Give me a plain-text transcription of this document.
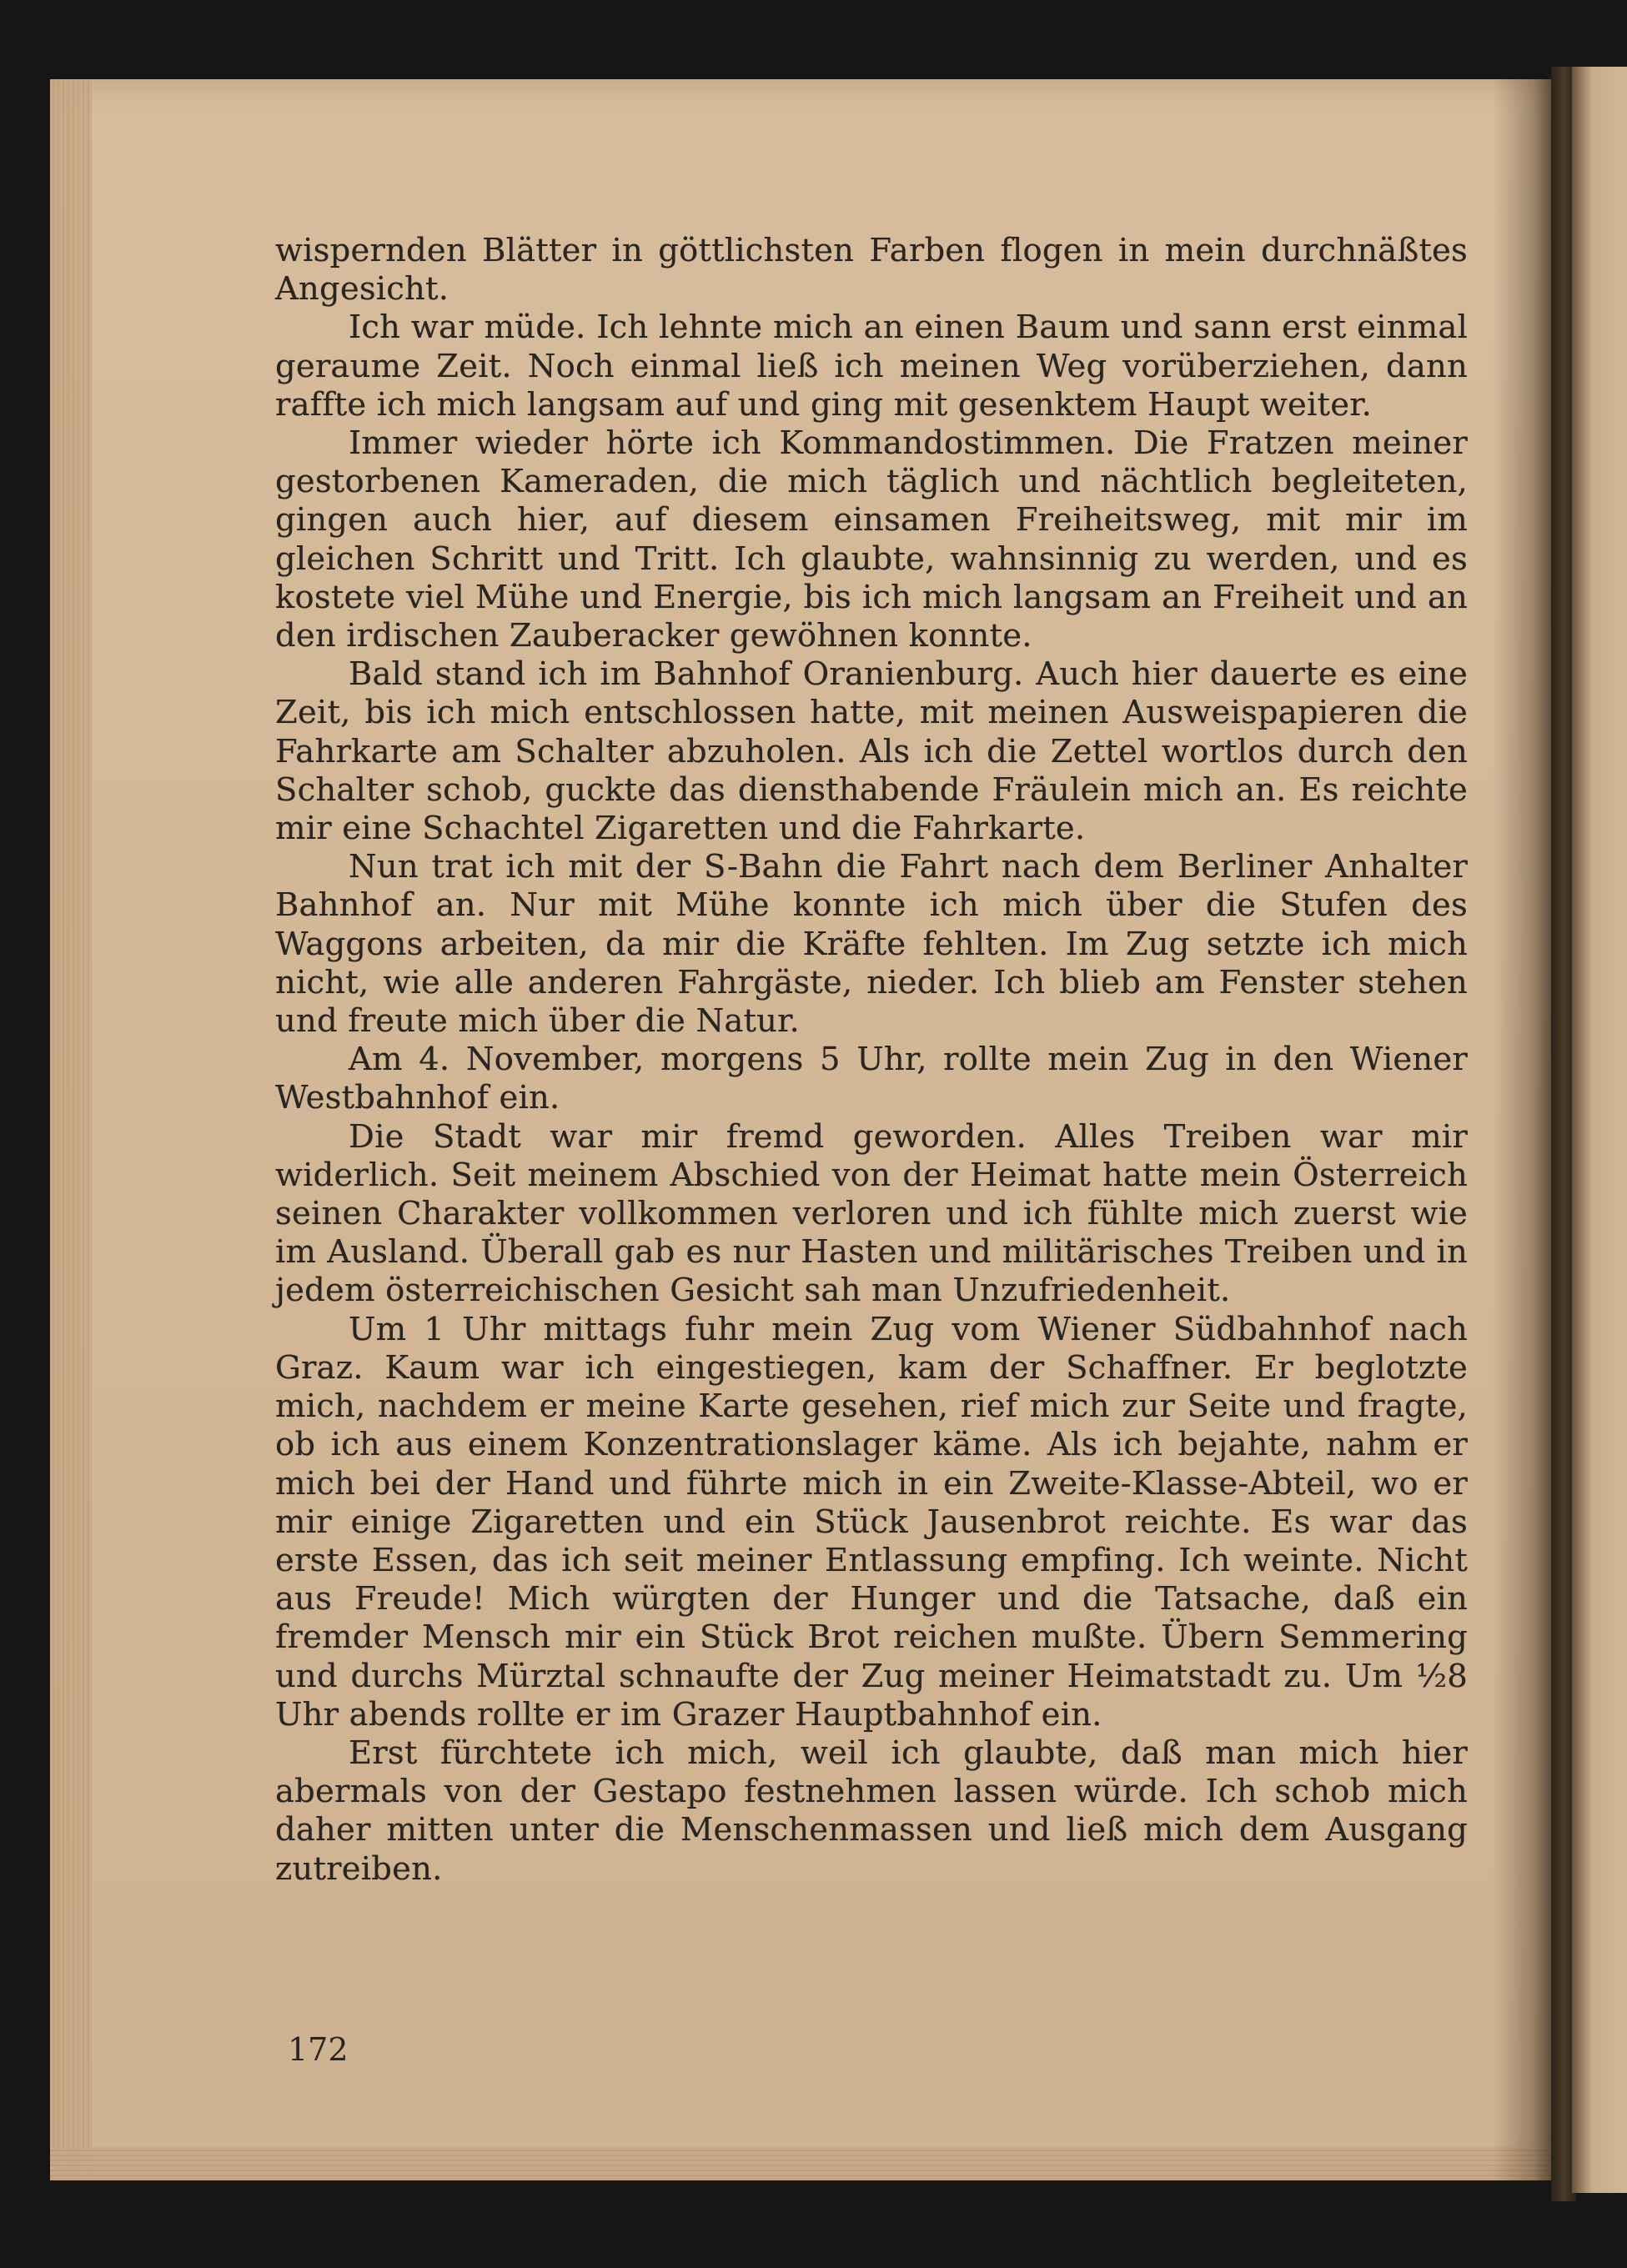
wispernden Blätter in göttlichsten Farben flogen in mein durchnäßtes Angesicht.

Ich war müde. Ich lehnte mich an einen Baum und sann erst einmal geraume Zeit. Noch einmal ließ ich meinen Weg vorüberziehen, dann raffte ich mich langsam auf und ging mit gesenktem Haupt weiter.

Immer wieder hörte ich Kommandostimmen. Die Fratzen meiner gestorbenen Kameraden, die mich täglich und nächtlich begleiteten, gingen auch hier, auf diesem einsamen Freiheitsweg, mit mir im gleichen Schritt und Tritt. Ich glaubte, wahnsinnig zu werden, und es kostete viel Mühe und Energie, bis ich mich langsam an Freiheit und an den irdischen Zauberacker gewöhnen konnte.

Bald stand ich im Bahnhof Oranienburg. Auch hier dauerte es eine Zeit, bis ich mich entschlossen hatte, mit meinen Ausweispapieren die Fahrkarte am Schalter abzuholen. Als ich die Zettel wortlos durch den Schalter schob, guckte das diensthabende Fräulein mich an. Es reichte mir eine Schachtel Zigaretten und die Fahrkarte.

Nun trat ich mit der S-Bahn die Fahrt nach dem Berliner Anhalter Bahnhof an. Nur mit Mühe konnte ich mich über die Stufen des Waggons arbeiten, da mir die Kräfte fehlten. Im Zug setzte ich mich nicht, wie alle anderen Fahrgäste, nieder. Ich blieb am Fenster stehen und freute mich über die Natur.

Am 4. November, morgens 5 Uhr, rollte mein Zug in den Wiener Westbahnhof ein.

Die Stadt war mir fremd geworden. Alles Treiben war mir widerlich. Seit meinem Abschied von der Heimat hatte mein Österreich seinen Charakter vollkommen verloren und ich fühlte mich zuerst wie im Ausland. Überall gab es nur Hasten und militärisches Treiben und in jedem österreichischen Gesicht sah man Unzufriedenheit.

Um 1 Uhr mittags fuhr mein Zug vom Wiener Südbahnhof nach Graz. Kaum war ich eingestiegen, kam der Schaffner. Er beglotzte mich, nachdem er meine Karte gesehen, rief mich zur Seite und fragte, ob ich aus einem Konzentrationslager käme. Als ich bejahte, nahm er mich bei der Hand und führte mich in ein Zweite-Klasse-Abteil, wo er mir einige Zigaretten und ein Stück Jausenbrot reichte. Es war das erste Essen, das ich seit meiner Entlassung empfing. Ich weinte. Nicht aus Freude! Mich würgten der Hunger und die Tatsache, daß ein fremder Mensch mir ein Stück Brot reichen mußte. Übern Semmering und durchs Mürztal schnaufte der Zug meiner Heimatstadt zu. Um ½8 Uhr abends rollte er im Grazer Hauptbahnhof ein.

Erst fürchtete ich mich, weil ich glaubte, daß man mich hier abermals von der Gestapo festnehmen lassen würde. Ich schob mich daher mitten unter die Menschenmassen und ließ mich dem Ausgang zutreiben.

172
